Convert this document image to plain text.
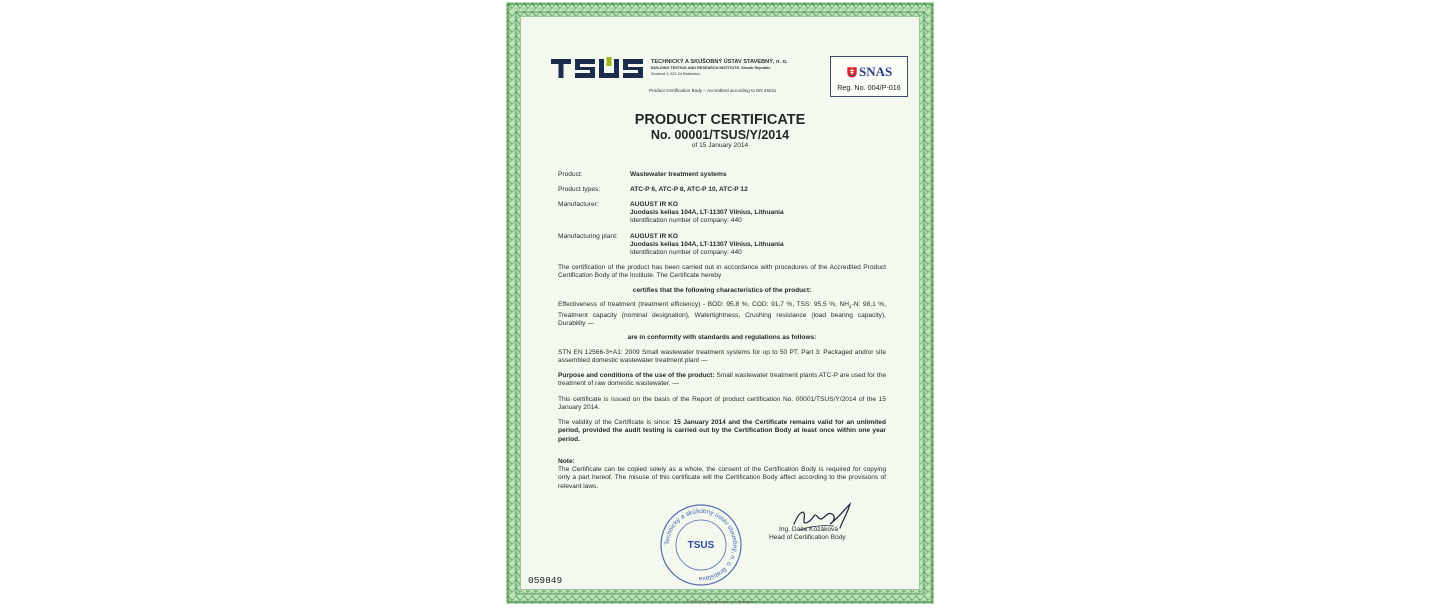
TECHNICKÝ A SKÚŠOBNÝ ÚSTAV STAVEBNÝ, n. o.
BUILDING TESTING AND RESEARCH INSTITUTE, Slovak Republic
Studená 3, 821 04 Bratislava
Product Certification Body – Accredited according to EN 45011
SNAS
Reg. No. 004/P-016
PRODUCT CERTIFICATE
No. 00001/TSUS/Y/2014
of 15 January 2014
Product:	Wastewater treatment systems
Product types:	ATC-P 6, ATC-P 8, ATC-P 10, ATC-P 12
Manufacturer:	AUGUST IR KO
Juodasis kelias 104A, LT-11307 Vilnius, Lithuania
Identification number of company: 440
Manufacturing plant: AUGUST IR KO
Juodasis kelias 104A, LT-11307 Vilnius, Lithuania
Identification number of company: 440
The certification of the product has been carried out in accordance with procedures of the Accredited Product Certification Body of the Institute. The Certificate hereby
certifies that the following characteristics of the product:
Effectiveness of treatment (treatment efficiency) - BOD: 95,8 %, COD: 91,7 %, TSS: 95,5 %, $NH_4-N$: 98,1 %, Treatment capacity (nominal designation), Watertightness, Crushing resistance (load bearing capacity), Durability —
are in conformity with standards and regulations as follows:
STN EN 12566-3+A1: 2009 Small wastewater treatment systems for up to 50 PT. Part 3: Packaged and/or site assembled domestic wastewater treatment plant —
Purpose and conditions of the use of the product: Small wastewater treatment plants ATC-P are used for the treatment of raw domestic wastewater. —
This certificate is issued on the basis of the Report of product certification No. 00001/TSUS/Y/2014 of the 15 January 2014.
The validity of the Certificate is since: 15 January 2014 and the Certificate remains valid for an unlimited period, provided the audit testing is carried out by the Certification Body at least once within one year period.
Note:
The Certificate can be copied solely as a whole, the consent of the Certification Body is required for copying only a part hereof. The misuse of this certificate will the Certification Body affect according to the provisions of relevant laws.
Technický a skúšobný ústav stavebný, n. o. Bratislava
TSUS
Ing. Daša Kozáková
Head of Certification Body
059849
© PROFIN, Harbutič ondo, a.s., Bratislava
